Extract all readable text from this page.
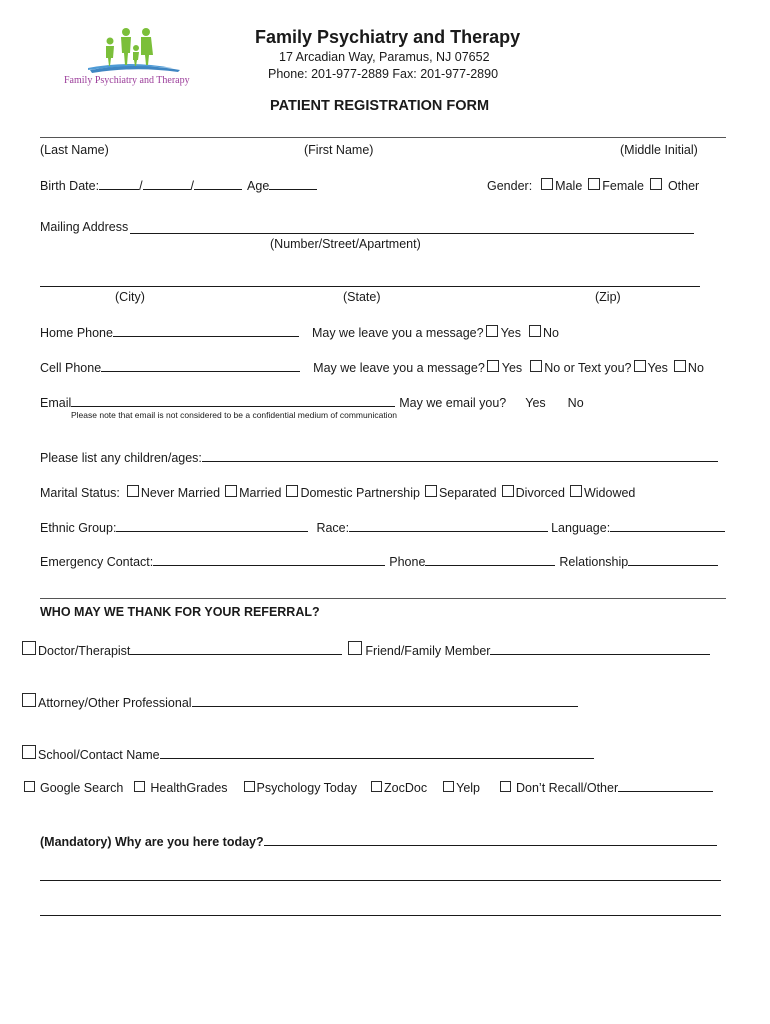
Family Psychiatry and Therapy
Family Psychiatry and Therapy
17 Arcadian Way, Paramus, NJ 07652
Phone: 201-977-2889 Fax: 201-977-2890
PATIENT REGISTRATION FORM
(Last Name)	(First Name)	(Middle Initial)
Birth Date:	/	/	Age	Gender: Male Female Other
Mailing Address
(Number/Street/Apartment)
(City)	(State)	(Zip)
Home Phone	May we leave you a message? Yes No
Cell Phone	May we leave you a message? Yes No or Text you? Yes No
Email	May we email you? Yes No
Please note that email is not considered to be a confidential medium of communication
Please list any children/ages:
Marital Status: Never Married Married Domestic Partnership Separated Divorced Widowed
Ethnic Group:	Race:	Language:
Emergency Contact:	Phone	Relationship
WHO MAY WE THANK FOR YOUR REFERRAL?
Doctor/Therapist	Friend/Family Member
Attorney/Other Professional
School/Contact Name
Google Search HealthGrades Psychology Today ZocDoc Yelp	Don’t Recall/Other
(Mandatory) Why are you here today?
